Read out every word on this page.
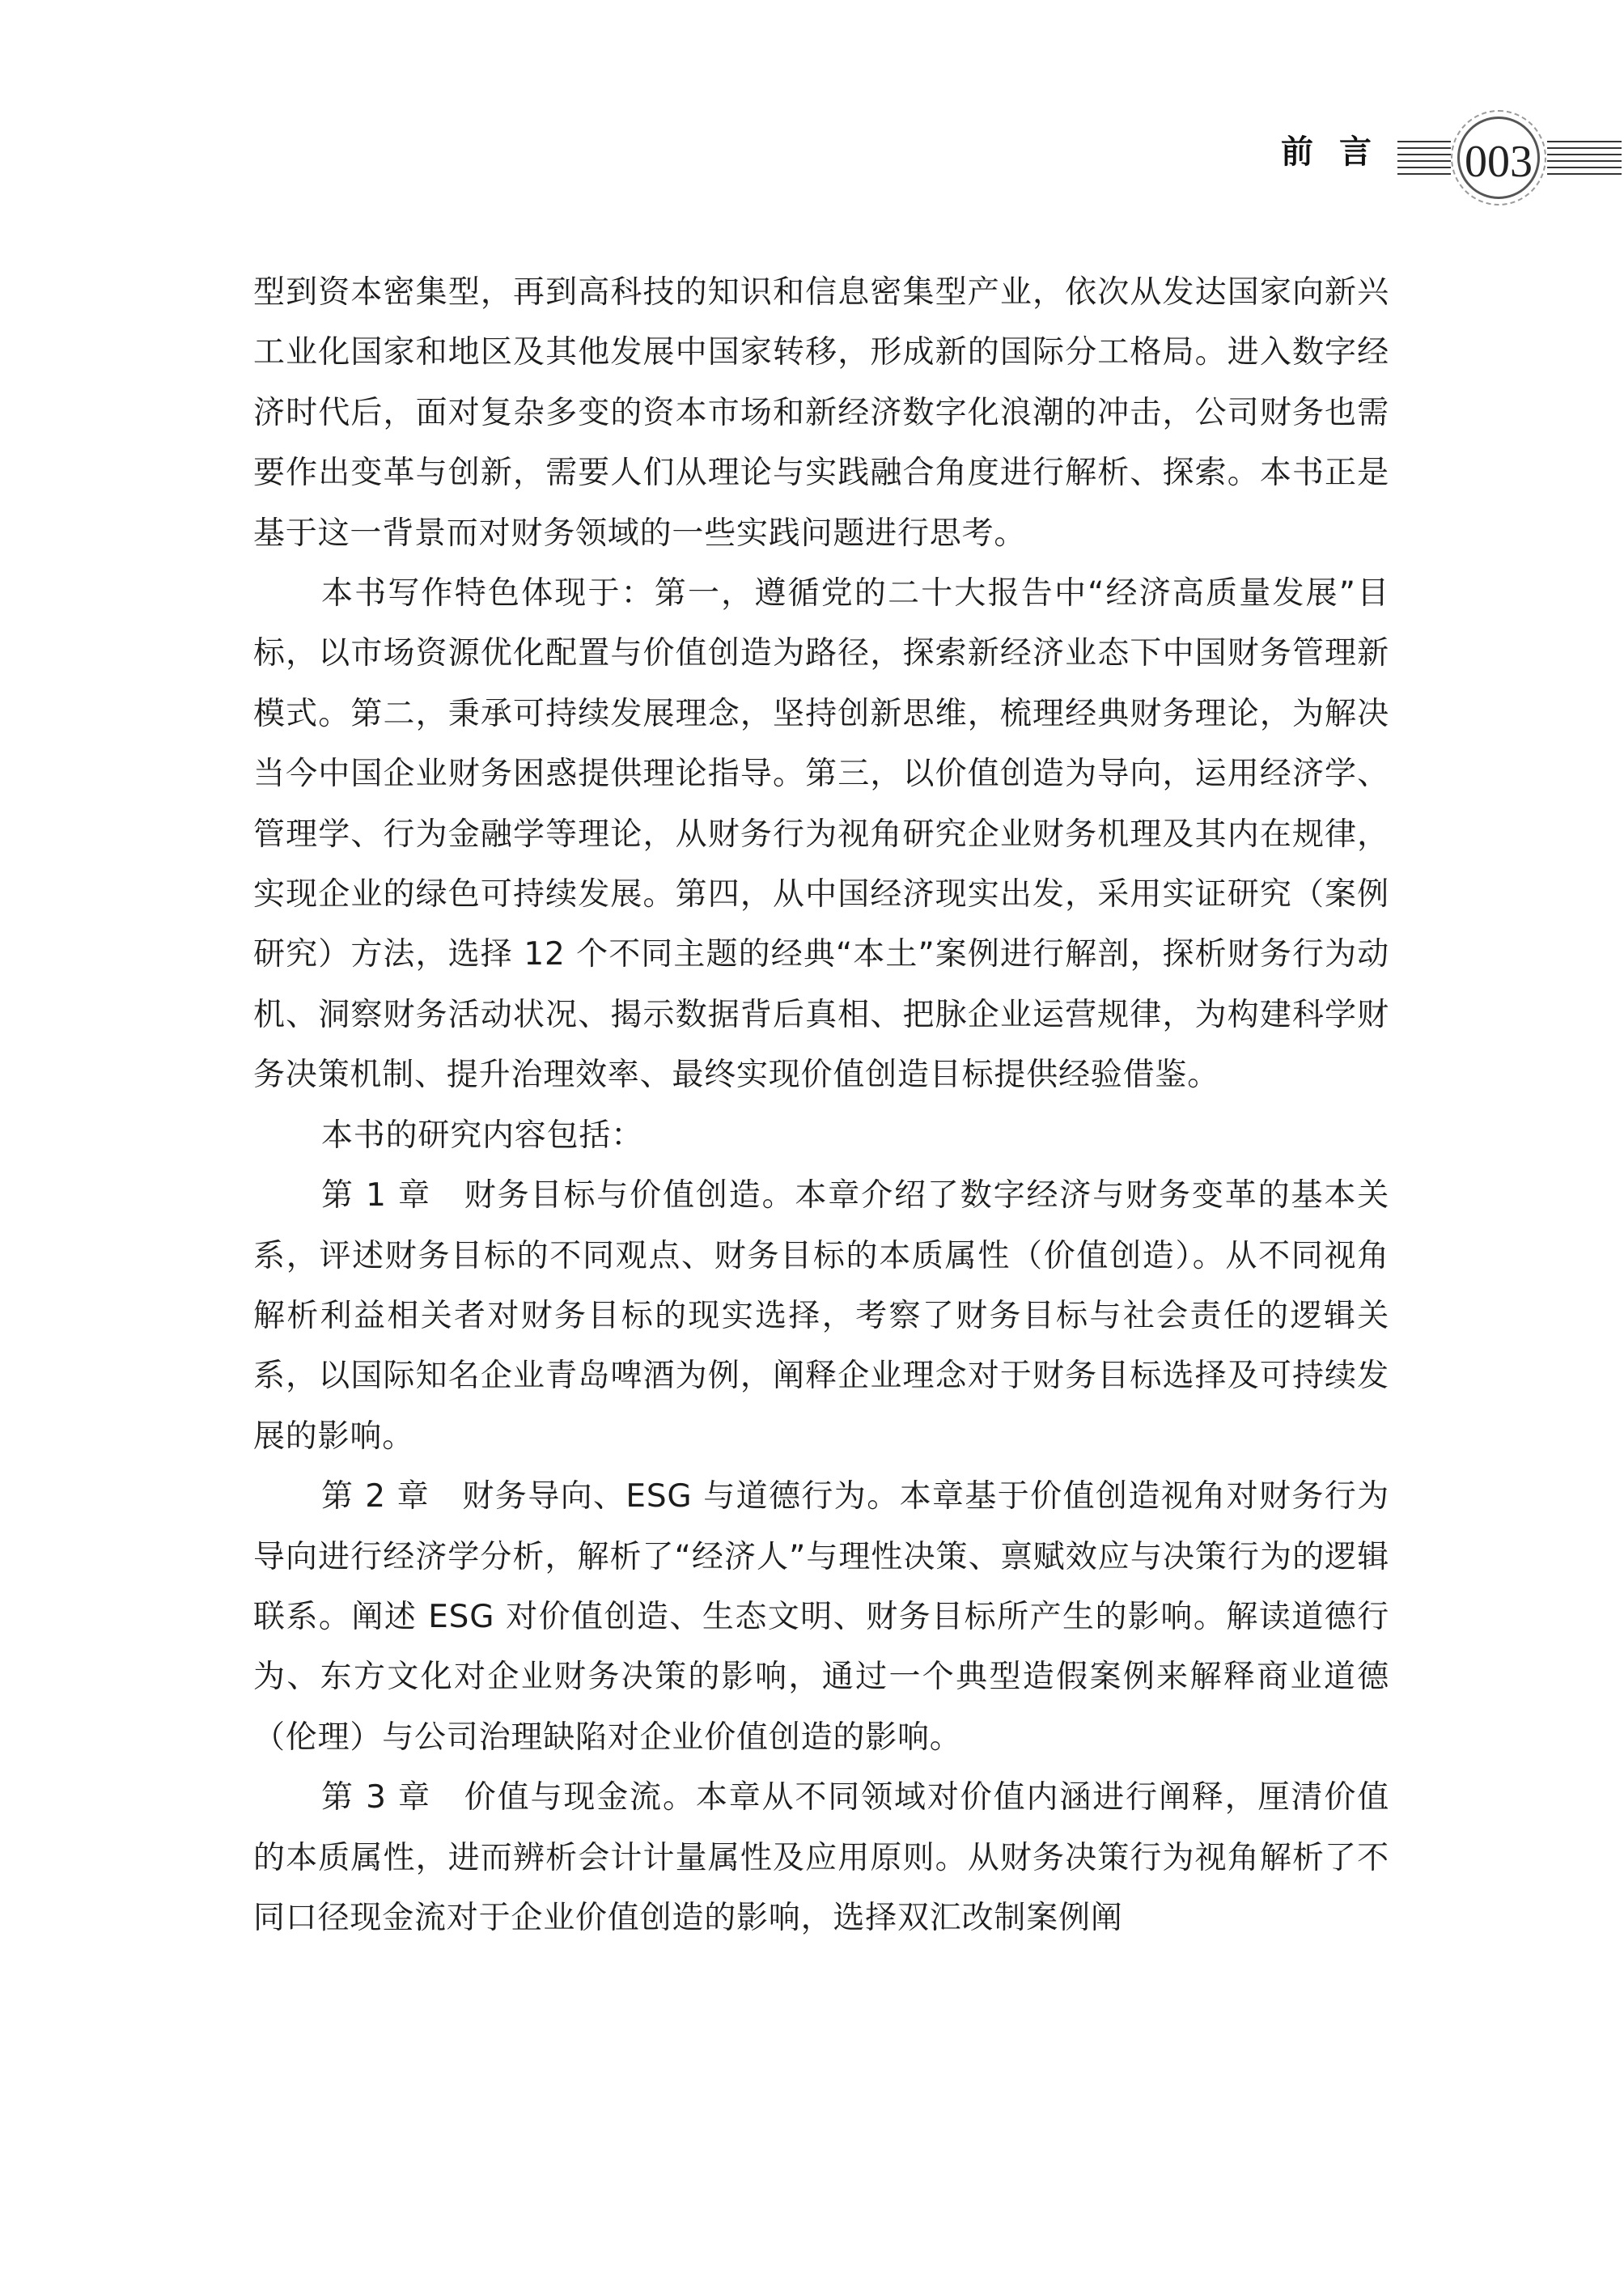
前言	003

型到资本密集型，再到高科技的知识和信息密集型产业，依次从发达国家向新兴工业化国家和地区及其他发展中国家转移，形成新的国际分工格局。进入数字经济时代后，面对复杂多变的资本市场和新经济数字化浪潮的冲击，公司财务也需要作出变革与创新，需要人们从理论与实践融合角度进行解析、探索。本书正是基于这一背景而对财务领域的一些实践问题进行思考。

本书写作特色体现于：第一，遵循党的二十大报告中“经济高质量发展”目标，以市场资源优化配置与价值创造为路径，探索新经济业态下中国财务管理新模式。第二，秉承可持续发展理念，坚持创新思维，梳理经典财务理论，为解决当今中国企业财务困惑提供理论指导。第三，以价值创造为导向，运用经济学、管理学、行为金融学等理论，从财务行为视角研究企业财务机理及其内在规律，实现企业的绿色可持续发展。第四，从中国经济现实出发，采用实证研究（案例研究）方法，选择 12 个不同主题的经典“本土”案例进行解剖，探析财务行为动机、洞察财务活动状况、揭示数据背后真相、把脉企业运营规律，为构建科学财务决策机制、提升治理效率、最终实现价值创造目标提供经验借鉴。

本书的研究内容包括：

第 1 章　财务目标与价值创造。本章介绍了数字经济与财务变革的基本关系，评述财务目标的不同观点、财务目标的本质属性（价值创造）。从不同视角解析利益相关者对财务目标的现实选择，考察了财务目标与社会责任的逻辑关系，以国际知名企业青岛啤酒为例，阐释企业理念对于财务目标选择及可持续发展的影响。

第 2 章　财务导向、ESG 与道德行为。本章基于价值创造视角对财务行为导向进行经济学分析，解析了“经济人”与理性决策、禀赋效应与决策行为的逻辑联系。阐述 ESG 对价值创造、生态文明、财务目标所产生的影响。解读道德行为、东方文化对企业财务决策的影响，通过一个典型造假案例来解释商业道德（伦理）与公司治理缺陷对企业价值创造的影响。

第 3 章　价值与现金流。本章从不同领域对价值内涵进行阐释，厘清价值的本质属性，进而辨析会计计量属性及应用原则。从财务决策行为视角解析了不同口径现金流对于企业价值创造的影响，选择双汇改制案例阐
